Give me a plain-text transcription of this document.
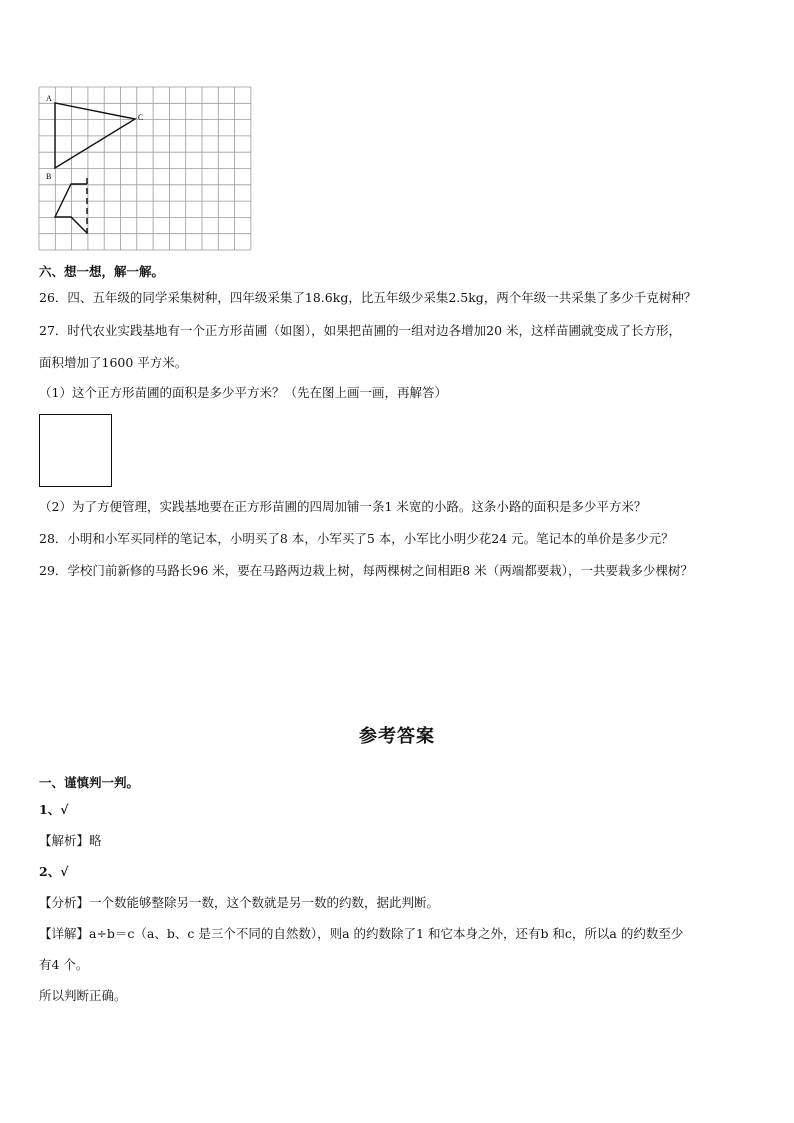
A
B
C
六、想一想，解一解。
26．四、五年级的同学采集树种，四年级采集了18.6kg，比五年级少采集2.5kg，两个年级一共采集了多少千克树种？
27．时代农业实践基地有一个正方形苗圃（如图），如果把苗圃的一组对边各增加20 米，这样苗圃就变成了长方形，
面积增加了1600 平方米。
（1）这个正方形苗圃的面积是多少平方米？（先在图上画一画，再解答）
（2）为了方便管理，实践基地要在正方形苗圃的四周加铺一条1 米宽的小路。这条小路的面积是多少平方米？
28．小明和小军买同样的笔记本，小明买了8 本，小军买了5 本，小军比小明少花24 元。笔记本的单价是多少元？
29．学校门前新修的马路长96 米，要在马路两边栽上树，每两棵树之间相距8 米（两端都要栽），一共要栽多少棵树？
参考答案
一、谨慎判一判。
1、√
【解析】略
2、√
【分析】一个数能够整除另一数，这个数就是另一数的约数，据此判断。
【详解】a÷b＝c（a、b、c 是三个不同的自然数），则a 的约数除了1 和它本身之外，还有b 和c，所以a 的约数至少
有4 个。
所以判断正确。
